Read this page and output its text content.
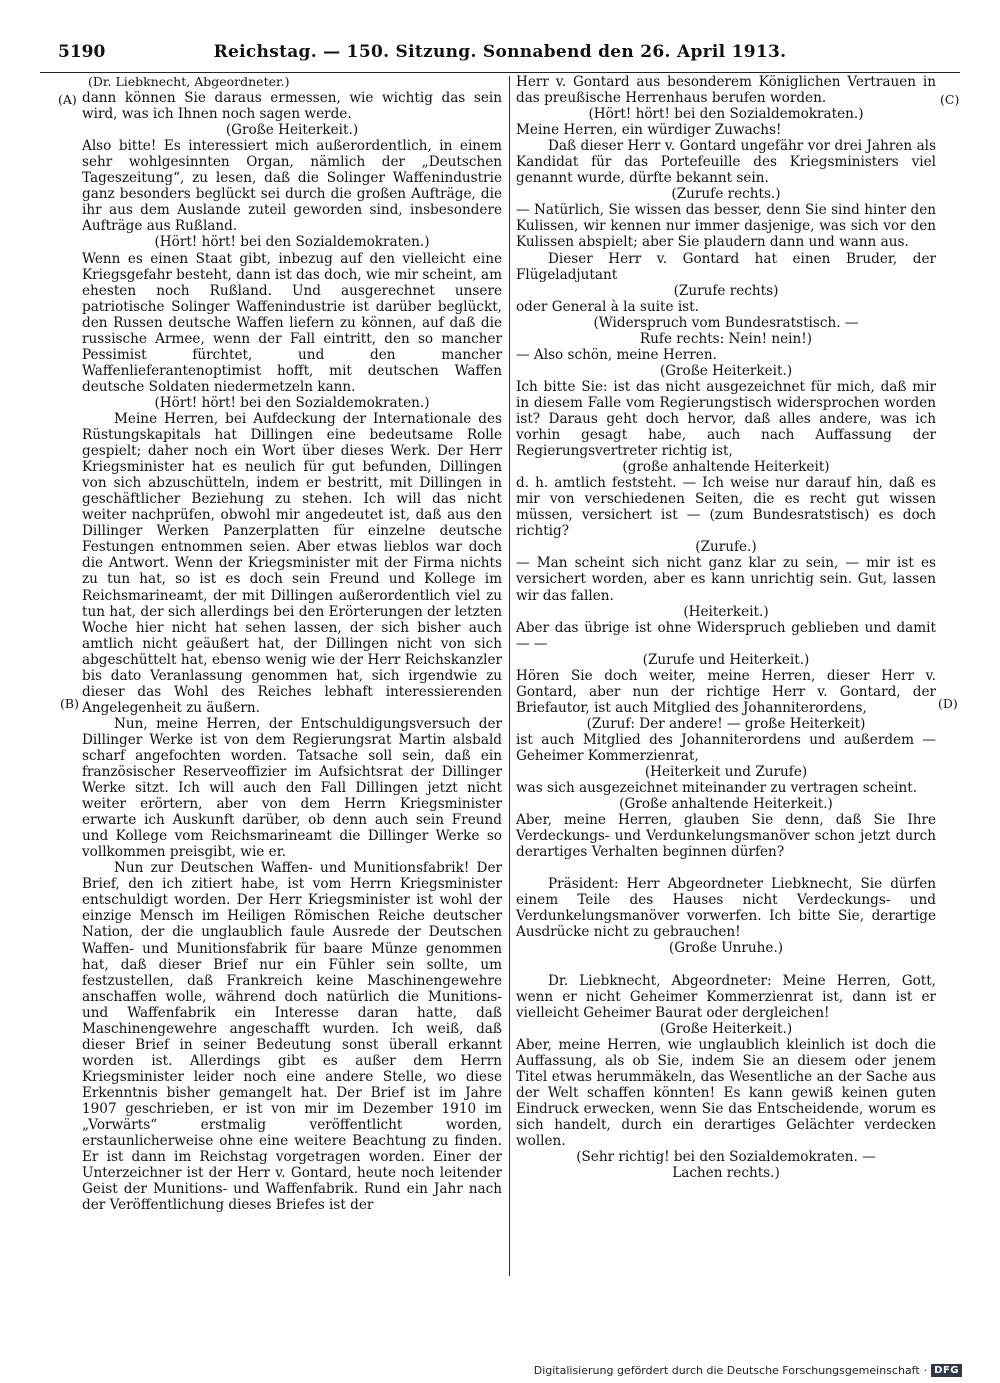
5190	Reichstag. — 150. Sitzung. Sonnabend den 26. April 1913.
(A)
(B)
(C)
(D)

(Dr. Liebknecht, Abgeordneter.)

dann können Sie daraus ermessen, wie wichtig das sein wird, was ich Ihnen noch sagen werde.

(Große Heiterkeit.)

Also bitte! Es interessiert mich außerordentlich, in einem sehr wohlgesinnten Organ, nämlich der „Deutschen Tageszeitung“, zu lesen, daß die Solinger Waffenindustrie ganz besonders beglückt sei durch die großen Aufträge, die ihr aus dem Auslande zuteil geworden sind, insbesondere Aufträge aus Rußland.

(Hört! hört! bei den Sozialdemokraten.)

Wenn es einen Staat gibt, inbezug auf den vielleicht eine Kriegsgefahr besteht, dann ist das doch, wie mir scheint, am ehesten noch Rußland. Und ausgerechnet unsere patriotische Solinger Waffenindustrie ist darüber beglückt, den Russen deutsche Waffen liefern zu können, auf daß die russische Armee, wenn der Fall eintritt, den so mancher Pessimist fürchtet, und den mancher Waffenlieferantenoptimist hofft, mit deutschen Waffen deutsche Soldaten niedermetzeln kann.

(Hört! hört! bei den Sozialdemokraten.)

Meine Herren, bei Aufdeckung der Internationale des Rüstungskapitals hat Dillingen eine bedeutsame Rolle gespielt; daher noch ein Wort über dieses Werk. Der Herr Kriegsminister hat es neulich für gut befunden, Dillingen von sich abzuschütteln, indem er bestritt, mit Dillingen in geschäftlicher Beziehung zu stehen. Ich will das nicht weiter nachprüfen, obwohl mir angedeutet ist, daß aus den Dillinger Werken Panzerplatten für einzelne deutsche Festungen entnommen seien. Aber etwas lieblos war doch die Antwort. Wenn der Kriegsminister mit der Firma nichts zu tun hat, so ist es doch sein Freund und Kollege im Reichsmarineamt, der mit Dillingen außerordentlich viel zu tun hat, der sich allerdings bei den Erörterungen der letzten Woche hier nicht hat sehen lassen, der sich bisher auch amtlich nicht geäußert hat, der Dillingen nicht von sich abgeschüttelt hat, ebenso wenig wie der Herr Reichskanzler bis dato Veranlassung genommen hat, sich irgendwie zu dieser das Wohl des Reiches lebhaft interessierenden Angelegenheit zu äußern.

Nun, meine Herren, der Entschuldigungsversuch der Dillinger Werke ist von dem Regierungsrat Martin alsbald scharf angefochten worden. Tatsache soll sein, daß ein französischer Reserveoffizier im Aufsichtsrat der Dillinger Werke sitzt. Ich will auch den Fall Dillingen jetzt nicht weiter erörtern, aber von dem Herrn Kriegsminister erwarte ich Auskunft darüber, ob denn auch sein Freund und Kollege vom Reichsmarineamt die Dillinger Werke so vollkommen preisgibt, wie er.

Nun zur Deutschen Waffen- und Munitionsfabrik! Der Brief, den ich zitiert habe, ist vom Herrn Kriegsminister entschuldigt worden. Der Herr Kriegsminister ist wohl der einzige Mensch im Heiligen Römischen Reiche deutscher Nation, der die unglaublich faule Ausrede der Deutschen Waffen- und Munitionsfabrik für baare Münze genommen hat, daß dieser Brief nur ein Fühler sein sollte, um festzustellen, daß Frankreich keine Maschinengewehre anschaffen wolle, während doch natürlich die Munitions- und Waffenfabrik ein Interesse daran hatte, daß Maschinengewehre angeschafft wurden. Ich weiß, daß dieser Brief in seiner Bedeutung sonst überall erkannt worden ist. Allerdings gibt es außer dem Herrn Kriegsminister leider noch eine andere Stelle, wo diese Erkenntnis bisher gemangelt hat. Der Brief ist im Jahre 1907 geschrieben, er ist von mir im Dezember 1910 im „Vorwärts“ erstmalig veröffentlicht worden, erstaunlicherweise ohne eine weitere Beachtung zu finden. Er ist dann im Reichstag vorgetragen worden. Einer der Unterzeichner ist der Herr v. Gontard, heute noch leitender Geist der Munitions- und Waffenfabrik. Rund ein Jahr nach der Veröffentlichung dieses Briefes ist der

Herr v. Gontard aus besonderem Königlichen Vertrauen in das preußische Herrenhaus berufen worden.

(Hört! hört! bei den Sozialdemokraten.)

Meine Herren, ein würdiger Zuwachs!

Daß dieser Herr v. Gontard ungefähr vor drei Jahren als Kandidat für das Portefeuille des Kriegsministers viel genannt wurde, dürfte bekannt sein.

(Zurufe rechts.)

— Natürlich, Sie wissen das besser, denn Sie sind hinter den Kulissen, wir kennen nur immer dasjenige, was sich vor den Kulissen abspielt; aber Sie plaudern dann und wann aus.

Dieser Herr v. Gontard hat einen Bruder, der Flügeladjutant

(Zurufe rechts)

oder General à la suite ist.

(Widerspruch vom Bundesratstisch. —

Rufe rechts: Nein! nein!)

— Also schön, meine Herren.

(Große Heiterkeit.)

Ich bitte Sie: ist das nicht ausgezeichnet für mich, daß mir in diesem Falle vom Regierungstisch widersprochen worden ist? Daraus geht doch hervor, daß alles andere, was ich vorhin gesagt habe, auch nach Auffassung der Regierungsvertreter richtig ist,

(große anhaltende Heiterkeit)

d. h. amtlich feststeht. — Ich weise nur darauf hin, daß es mir von verschiedenen Seiten, die es recht gut wissen müssen, versichert ist — (zum Bundesratstisch) es doch richtig?

(Zurufe.)

— Man scheint sich nicht ganz klar zu sein, — mir ist es versichert worden, aber es kann unrichtig sein. Gut, lassen wir das fallen.

(Heiterkeit.)

Aber das übrige ist ohne Widerspruch geblieben und damit — —

(Zurufe und Heiterkeit.)

Hören Sie doch weiter, meine Herren, dieser Herr v. Gontard, aber nun der richtige Herr v. Gontard, der Briefautor, ist auch Mitglied des Johanniterordens,

(Zuruf: Der andere! — große Heiterkeit)

ist auch Mitglied des Johanniterordens und außerdem — Geheimer Kommerzienrat,

(Heiterkeit und Zurufe)

was sich ausgezeichnet miteinander zu vertragen scheint.

(Große anhaltende Heiterkeit.)

Aber, meine Herren, glauben Sie denn, daß Sie Ihre Verdeckungs- und Verdunkelungsmanöver schon jetzt durch derartiges Verhalten beginnen dürfen?

Präsident: Herr Abgeordneter Liebknecht, Sie dürfen einem Teile des Hauses nicht Verdeckungs- und Verdunkelungsmanöver vorwerfen. Ich bitte Sie, derartige Ausdrücke nicht zu gebrauchen!

(Große Unruhe.)

Dr. Liebknecht, Abgeordneter: Meine Herren, Gott, wenn er nicht Geheimer Kommerzienrat ist, dann ist er vielleicht Geheimer Baurat oder dergleichen!

(Große Heiterkeit.)

Aber, meine Herren, wie unglaublich kleinlich ist doch die Auffassung, als ob Sie, indem Sie an diesem oder jenem Titel etwas herummäkeln, das Wesentliche an der Sache aus der Welt schaffen könnten! Es kann gewiß keinen guten Eindruck erwecken, wenn Sie das Entscheidende, worum es sich handelt, durch ein derartiges Gelächter verdecken wollen.

(Sehr richtig! bei den Sozialdemokraten. —

Lachen rechts.)

Digitalisierung gefördert durch die Deutsche Forschungsgemeinschaft · DFG
